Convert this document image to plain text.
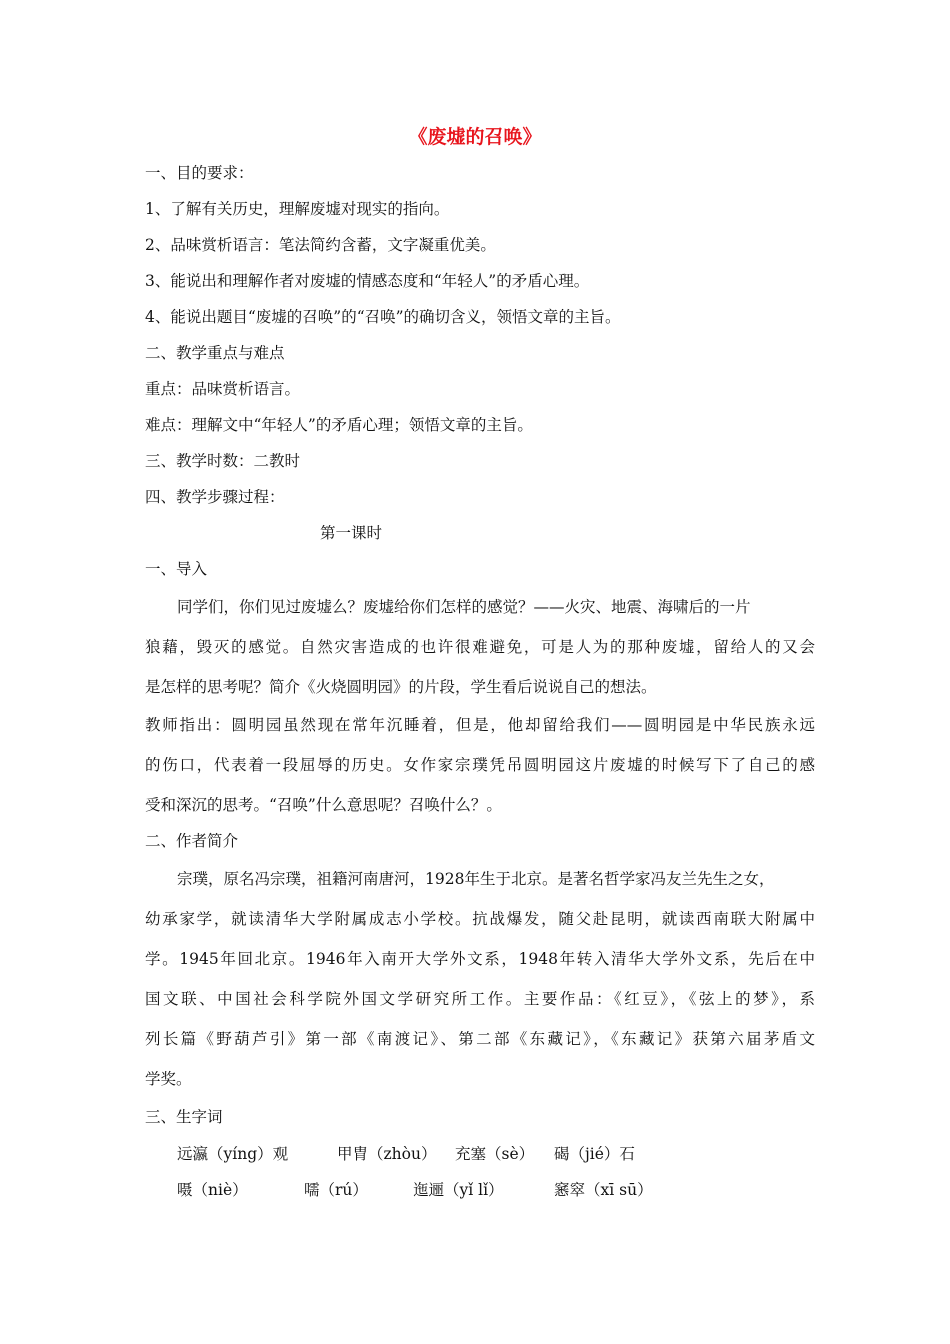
《废墟的召唤》

一、目的要求：

1、了解有关历史，理解废墟对现实的指向。

2、品味赏析语言：笔法简约含蓄，文字凝重优美。

3、能说出和理解作者对废墟的情感态度和“年轻人”的矛盾心理。

4、能说出题目“废墟的召唤”的“召唤”的确切含义，领悟文章的主旨。

二、教学重点与难点

重点：品味赏析语言。

难点：理解文中“年轻人”的矛盾心理；领悟文章的主旨。

三、教学时数：二教时

四、教学步骤过程：

第一课时

一、导入

同学们，你们见过废墟么？废墟给你们怎样的感觉？——火灾、地震、海啸后的一片

狼藉，毁灭的感觉。自然灾害造成的也许很难避免，可是人为的那种废墟，留给人的又会

是怎样的思考呢？简介《火烧圆明园》的片段，学生看后说说自己的想法。

教师指出：圆明园虽然现在常年沉睡着，但是，他却留给我们——圆明园是中华民族永远

的伤口，代表着一段屈辱的历史。女作家宗璞凭吊圆明园这片废墟的时候写下了自己的感

受和深沉的思考。“召唤”什么意思呢？召唤什么？。

二、作者简介

宗璞，原名冯宗璞，祖籍河南唐河，1928年生于北京。是著名哲学家冯友兰先生之女，

幼承家学，就读清华大学附属成志小学校。抗战爆发，随父赴昆明，就读西南联大附属中

学。1945年回北京。1946年入南开大学外文系，1948年转入清华大学外文系，先后在中

国文联、中国社会科学院外国文学研究所工作。主要作品：《红豆》，《弦上的梦》，系

列长篇《野葫芦引》第一部《南渡记》、第二部《东藏记》，《东藏记》获第六届茅盾文

学奖。

三、生字词

远瀛（yíng）观	甲胄（zhòu） 充塞（sè） 碣（jié）石
嗫（niè）	嚅（rú）	迤逦（yǐ lǐ）	窸窣（xī sū）
